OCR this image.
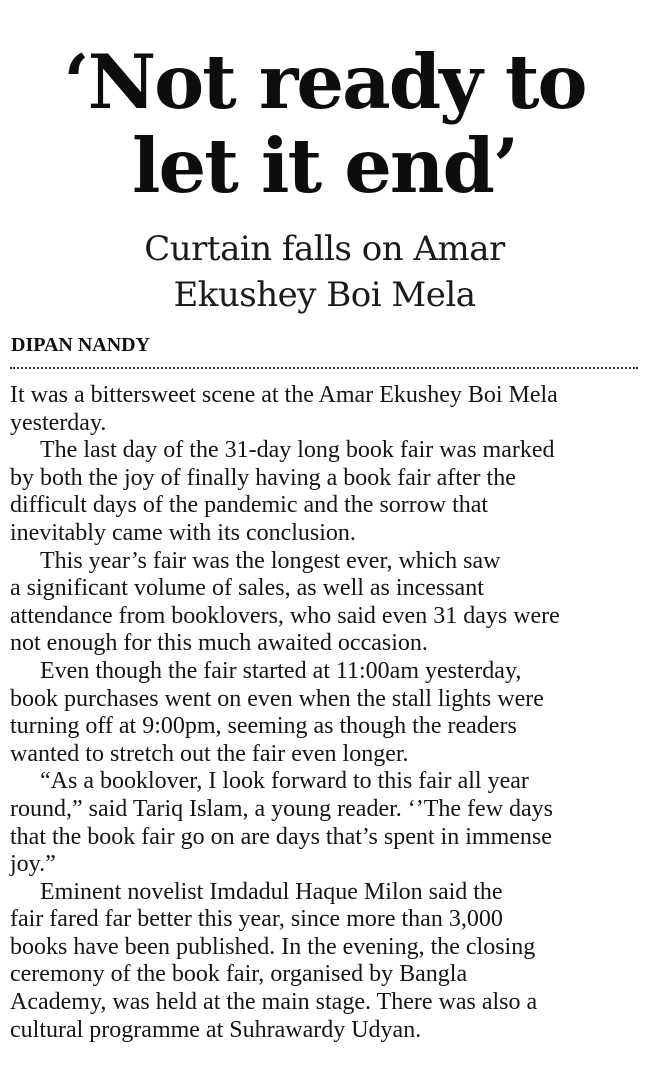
‘Not ready to
let it end’
Curtain falls on Amar
Ekushey Boi Mela
DIPAN NANDY
It was a bittersweet scene at the Amar Ekushey Boi Mela
yesterday.
The last day of the 31-day long book fair was marked
by both the joy of finally having a book fair after the
difficult days of the pandemic and the sorrow that
inevitably came with its conclusion.
This year’s fair was the longest ever, which saw
a significant volume of sales, as well as incessant
attendance from booklovers, who said even 31 days were
not enough for this much awaited occasion.
Even though the fair started at 11:00am yesterday,
book purchases went on even when the stall lights were
turning off at 9:00pm, seeming as though the readers
wanted to stretch out the fair even longer.
“As a booklover, I look forward to this fair all year
round,” said Tariq Islam, a young reader. ‘’The few days
that the book fair go on are days that’s spent in immense
joy.”
Eminent novelist Imdadul Haque Milon said the
fair fared far better this year, since more than 3,000
books have been published. In the evening, the closing
ceremony of the book fair, organised by Bangla
Academy, was held at the main stage. There was also a
cultural programme at Suhrawardy Udyan.
